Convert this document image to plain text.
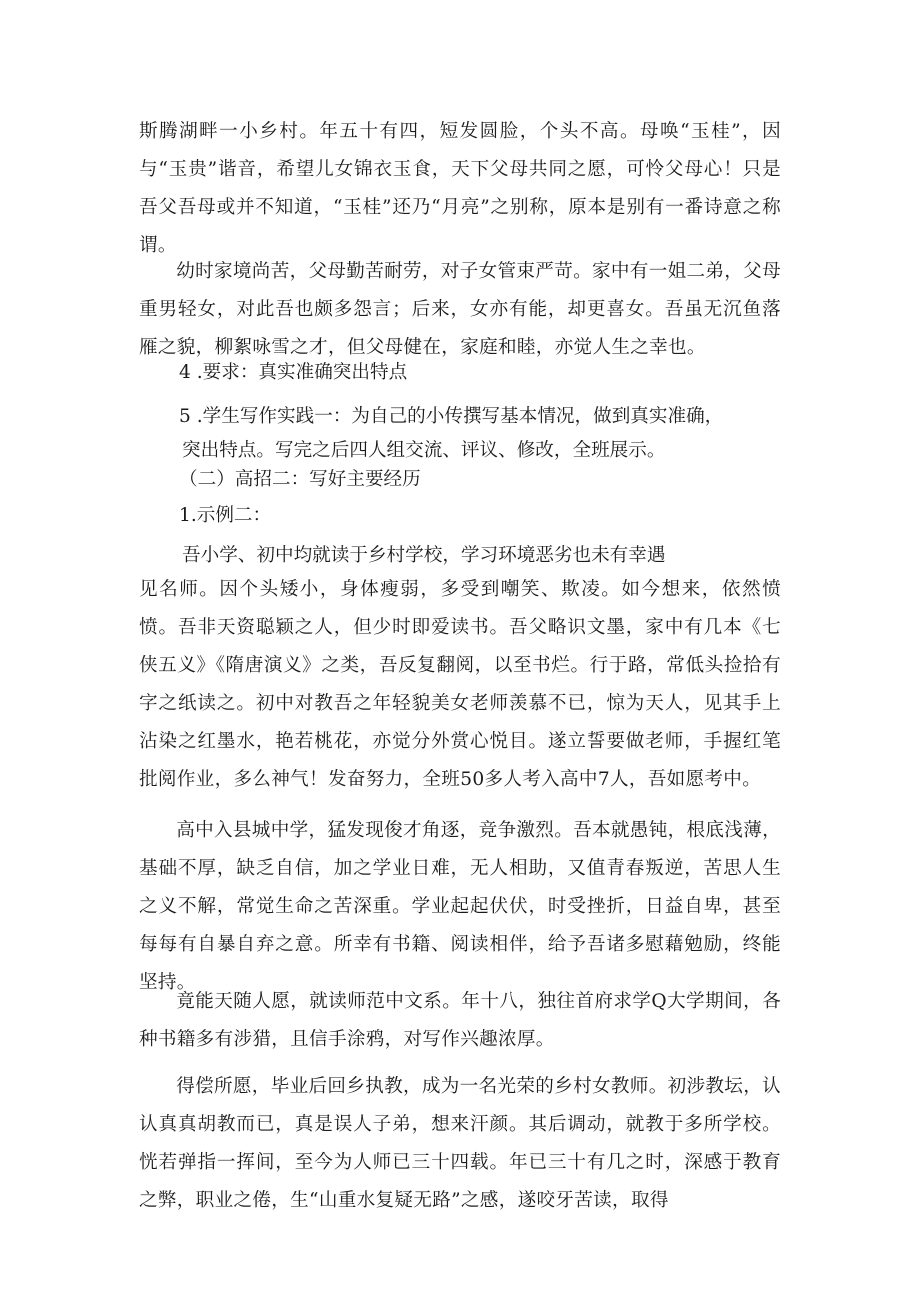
斯腾湖畔一小乡村。年五十有四，短发圆脸，个头不高。母唤“玉桂”，因与“玉贵”谐音，希望儿女锦衣玉食，天下父母共同之愿，可怜父母心！只是吾父吾母或并不知道，“玉桂”还乃“月亮”之别称，原本是别有一番诗意之称谓。
幼时家境尚苦，父母勤苦耐劳，对子女管束严苛。家中有一姐二弟，父母重男轻女，对此吾也颇多怨言；后来，女亦有能，却更喜女。吾虽无沉鱼落雁之貌，柳絮咏雪之才，但父母健在，家庭和睦，亦觉人生之幸也。
4 .要求：真实准确突出特点
5 .学生写作实践一：为自己的小传撰写基本情况，做到真实准确，
突出特点。写完之后四人组交流、评议、修改，全班展示。
（二）高招二：写好主要经历
1.示例二：
吾小学、初中均就读于乡村学校，学习环境恶劣也未有幸遇
见名师。因个头矮小，身体瘦弱，多受到嘲笑、欺凌。如今想来，依然愤愤。吾非天资聪颖之人，但少时即爱读书。吾父略识文墨，家中有几本《七侠五义》《隋唐演义》之类，吾反复翻阅，以至书烂。行于路，常低头捡拾有字之纸读之。初中对教吾之年轻貌美女老师羡慕不已，惊为天人，见其手上沾染之红墨水，艳若桃花，亦觉分外赏心悦目。遂立誓要做老师，手握红笔批阅作业，多么神气！发奋努力，全班50多人考入高中7人，吾如愿考中。
高中入县城中学，猛发现俊才角逐，竞争激烈。吾本就愚钝，根底浅薄，基础不厚，缺乏自信，加之学业日难，无人相助，又值青春叛逆，苦思人生之义不解，常觉生命之苦深重。学业起起伏伏，时受挫折，日益自卑，甚至每每有自暴自弃之意。所幸有书籍、阅读相伴，给予吾诸多慰藉勉励，终能坚持。
竟能天随人愿，就读师范中文系。年十八，独往首府求学Q大学期间，各种书籍多有涉猎，且信手涂鸦，对写作兴趣浓厚。
得偿所愿，毕业后回乡执教，成为一名光荣的乡村女教师。初涉教坛，认认真真胡教而已，真是误人子弟，想来汗颜。其后调动，就教于多所学校。恍若弹指一挥间，至今为人师已三十四载。年已三十有几之时，深感于教育之弊，职业之倦，生“山重水复疑无路”之感，遂咬牙苦读，取得
